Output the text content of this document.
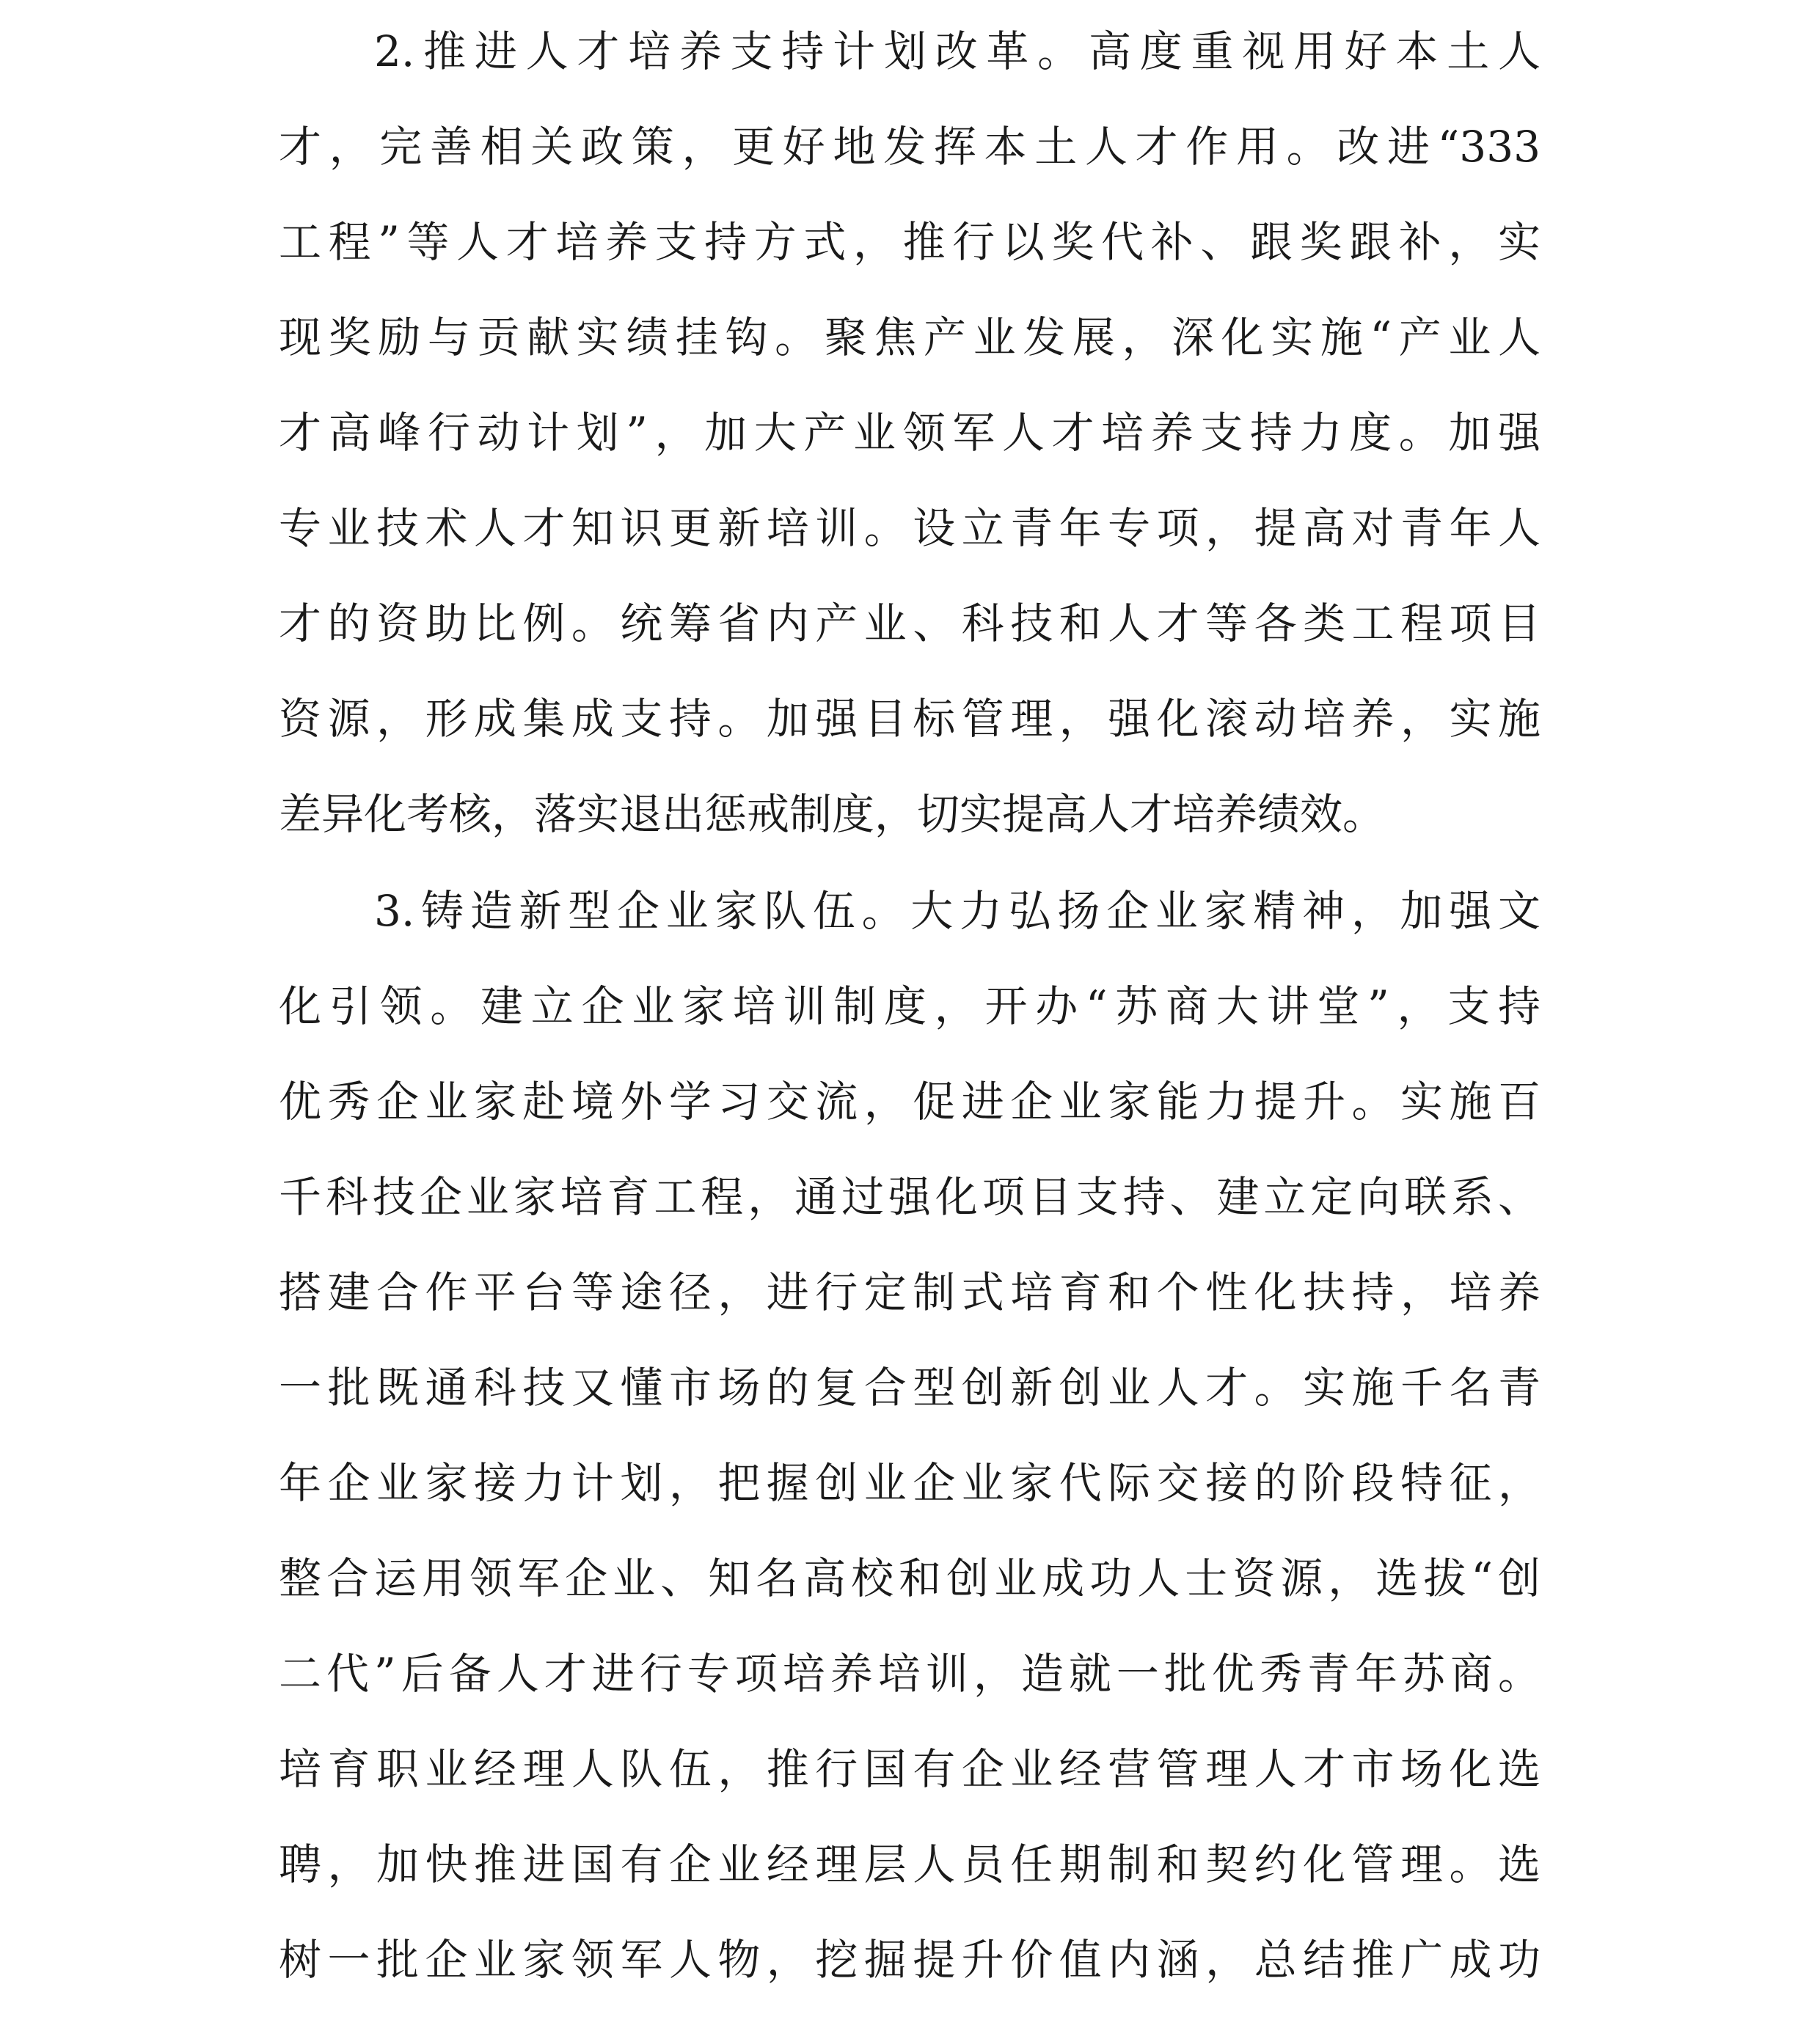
2.推进人才培养支持计划改革。高度重视用好本土人
才，完善相关政策，更好地发挥本土人才作用。改进“333
工程”等人才培养支持方式，推行以奖代补、跟奖跟补，实
现奖励与贡献实绩挂钩。聚焦产业发展，深化实施“产业人
才高峰行动计划”，加大产业领军人才培养支持力度。加强
专业技术人才知识更新培训。设立青年专项，提高对青年人
才的资助比例。统筹省内产业、科技和人才等各类工程项目
资源，形成集成支持。加强目标管理，强化滚动培养，实施
差异化考核，落实退出惩戒制度，切实提高人才培养绩效。
3.铸造新型企业家队伍。大力弘扬企业家精神，加强文
化引领。建立企业家培训制度，开办“苏商大讲堂”，支持
优秀企业家赴境外学习交流，促进企业家能力提升。实施百
千科技企业家培育工程，通过强化项目支持、建立定向联系、
搭建合作平台等途径，进行定制式培育和个性化扶持，培养
一批既通科技又懂市场的复合型创新创业人才。实施千名青
年企业家接力计划，把握创业企业家代际交接的阶段特征，
整合运用领军企业、知名高校和创业成功人士资源，选拔“创
二代”后备人才进行专项培养培训，造就一批优秀青年苏商。
培育职业经理人队伍，推行国有企业经营管理人才市场化选
聘，加快推进国有企业经理层人员任期制和契约化管理。选
树一批企业家领军人物，挖掘提升价值内涵，总结推广成功
